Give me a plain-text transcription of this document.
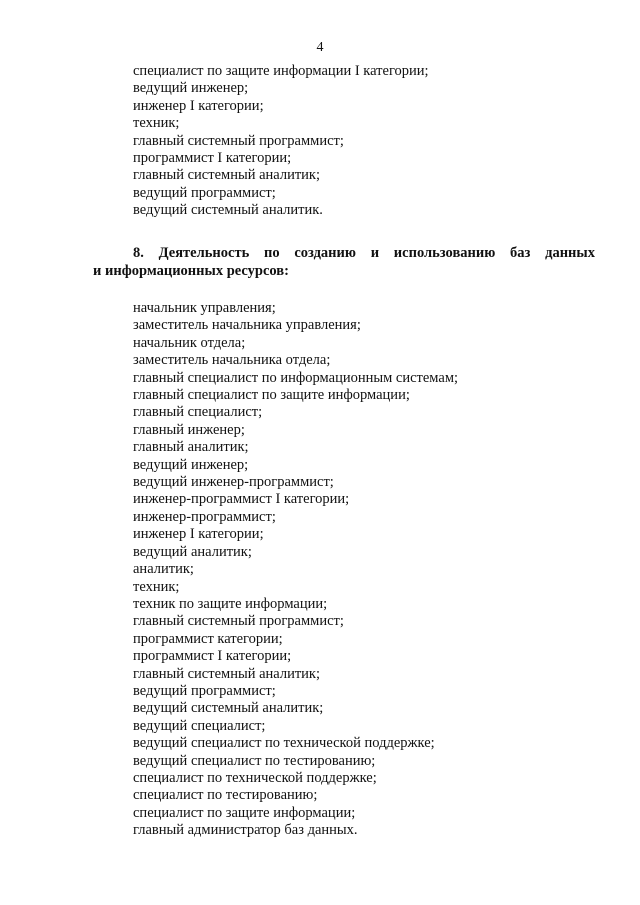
4
специалист по защите информации I категории;
ведущий инженер;
инженер I категории;
техник;
главный системный программист;
программист I категории;
главный системный аналитик;
ведущий программист;
ведущий системный аналитик.
8. Деятельность по созданию и использованию баз данных
и информационных ресурсов:
начальник управления;
заместитель начальника управления;
начальник отдела;
заместитель начальника отдела;
главный специалист по информационным системам;
главный специалист по защите информации;
главный специалист;
главный инженер;
главный аналитик;
ведущий инженер;
ведущий инженер-программист;
инженер-программист I категории;
инженер-программист;
инженер I категории;
ведущий аналитик;
аналитик;
техник;
техник по защите информации;
главный системный программист;
программист категории;
программист I категории;
главный системный аналитик;
ведущий программист;
ведущий системный аналитик;
ведущий специалист;
ведущий специалист по технической поддержке;
ведущий специалист по тестированию;
специалист по технической поддержке;
специалист по тестированию;
специалист по защите информации;
главный администратор баз данных.
